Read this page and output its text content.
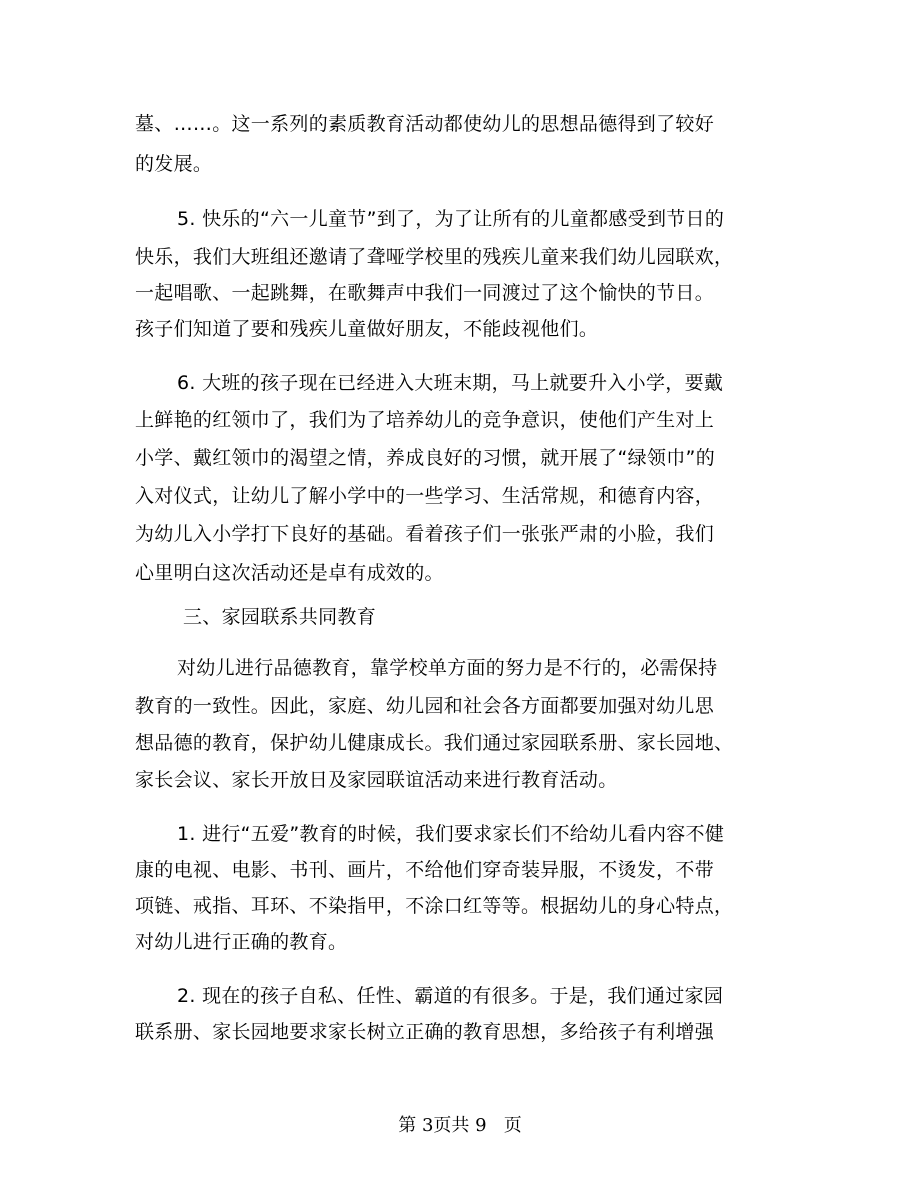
墓、……。这一系列的素质教育活动都使幼儿的思想品德得到了较好
的发展。
5. 快乐的“六一儿童节”到了，为了让所有的儿童都感受到节日的
快乐，我们大班组还邀请了聋哑学校里的残疾儿童来我们幼儿园联欢，
一起唱歌、一起跳舞，在歌舞声中我们一同渡过了这个愉快的节日。
孩子们知道了要和残疾儿童做好朋友，不能歧视他们。
6. 大班的孩子现在已经进入大班末期，马上就要升入小学，要戴
上鲜艳的红领巾了，我们为了培养幼儿的竞争意识，使他们产生对上
小学、戴红领巾的渴望之情，养成良好的习惯，就开展了“绿领巾”的
入对仪式，让幼儿了解小学中的一些学习、生活常规，和德育内容，
为幼儿入小学打下良好的基础。看着孩子们一张张严肃的小脸，我们
心里明白这次活动还是卓有成效的。
三、家园联系共同教育
对幼儿进行品德教育，靠学校单方面的努力是不行的，必需保持
教育的一致性。因此，家庭、幼儿园和社会各方面都要加强对幼儿思
想品德的教育，保护幼儿健康成长。我们通过家园联系册、家长园地、
家长会议、家长开放日及家园联谊活动来进行教育活动。
1. 进行“五爱”教育的时候，我们要求家长们不给幼儿看内容不健
康的电视、电影、书刊、画片，不给他们穿奇装异服，不烫发，不带
项链、戒指、耳环、不染指甲，不涂口红等等。根据幼儿的身心特点，
对幼儿进行正确的教育。
2. 现在的孩子自私、任性、霸道的有很多。于是，我们通过家园
联系册、家长园地要求家长树立正确的教育思想，多给孩子有利增强
第 3页共 9   页
